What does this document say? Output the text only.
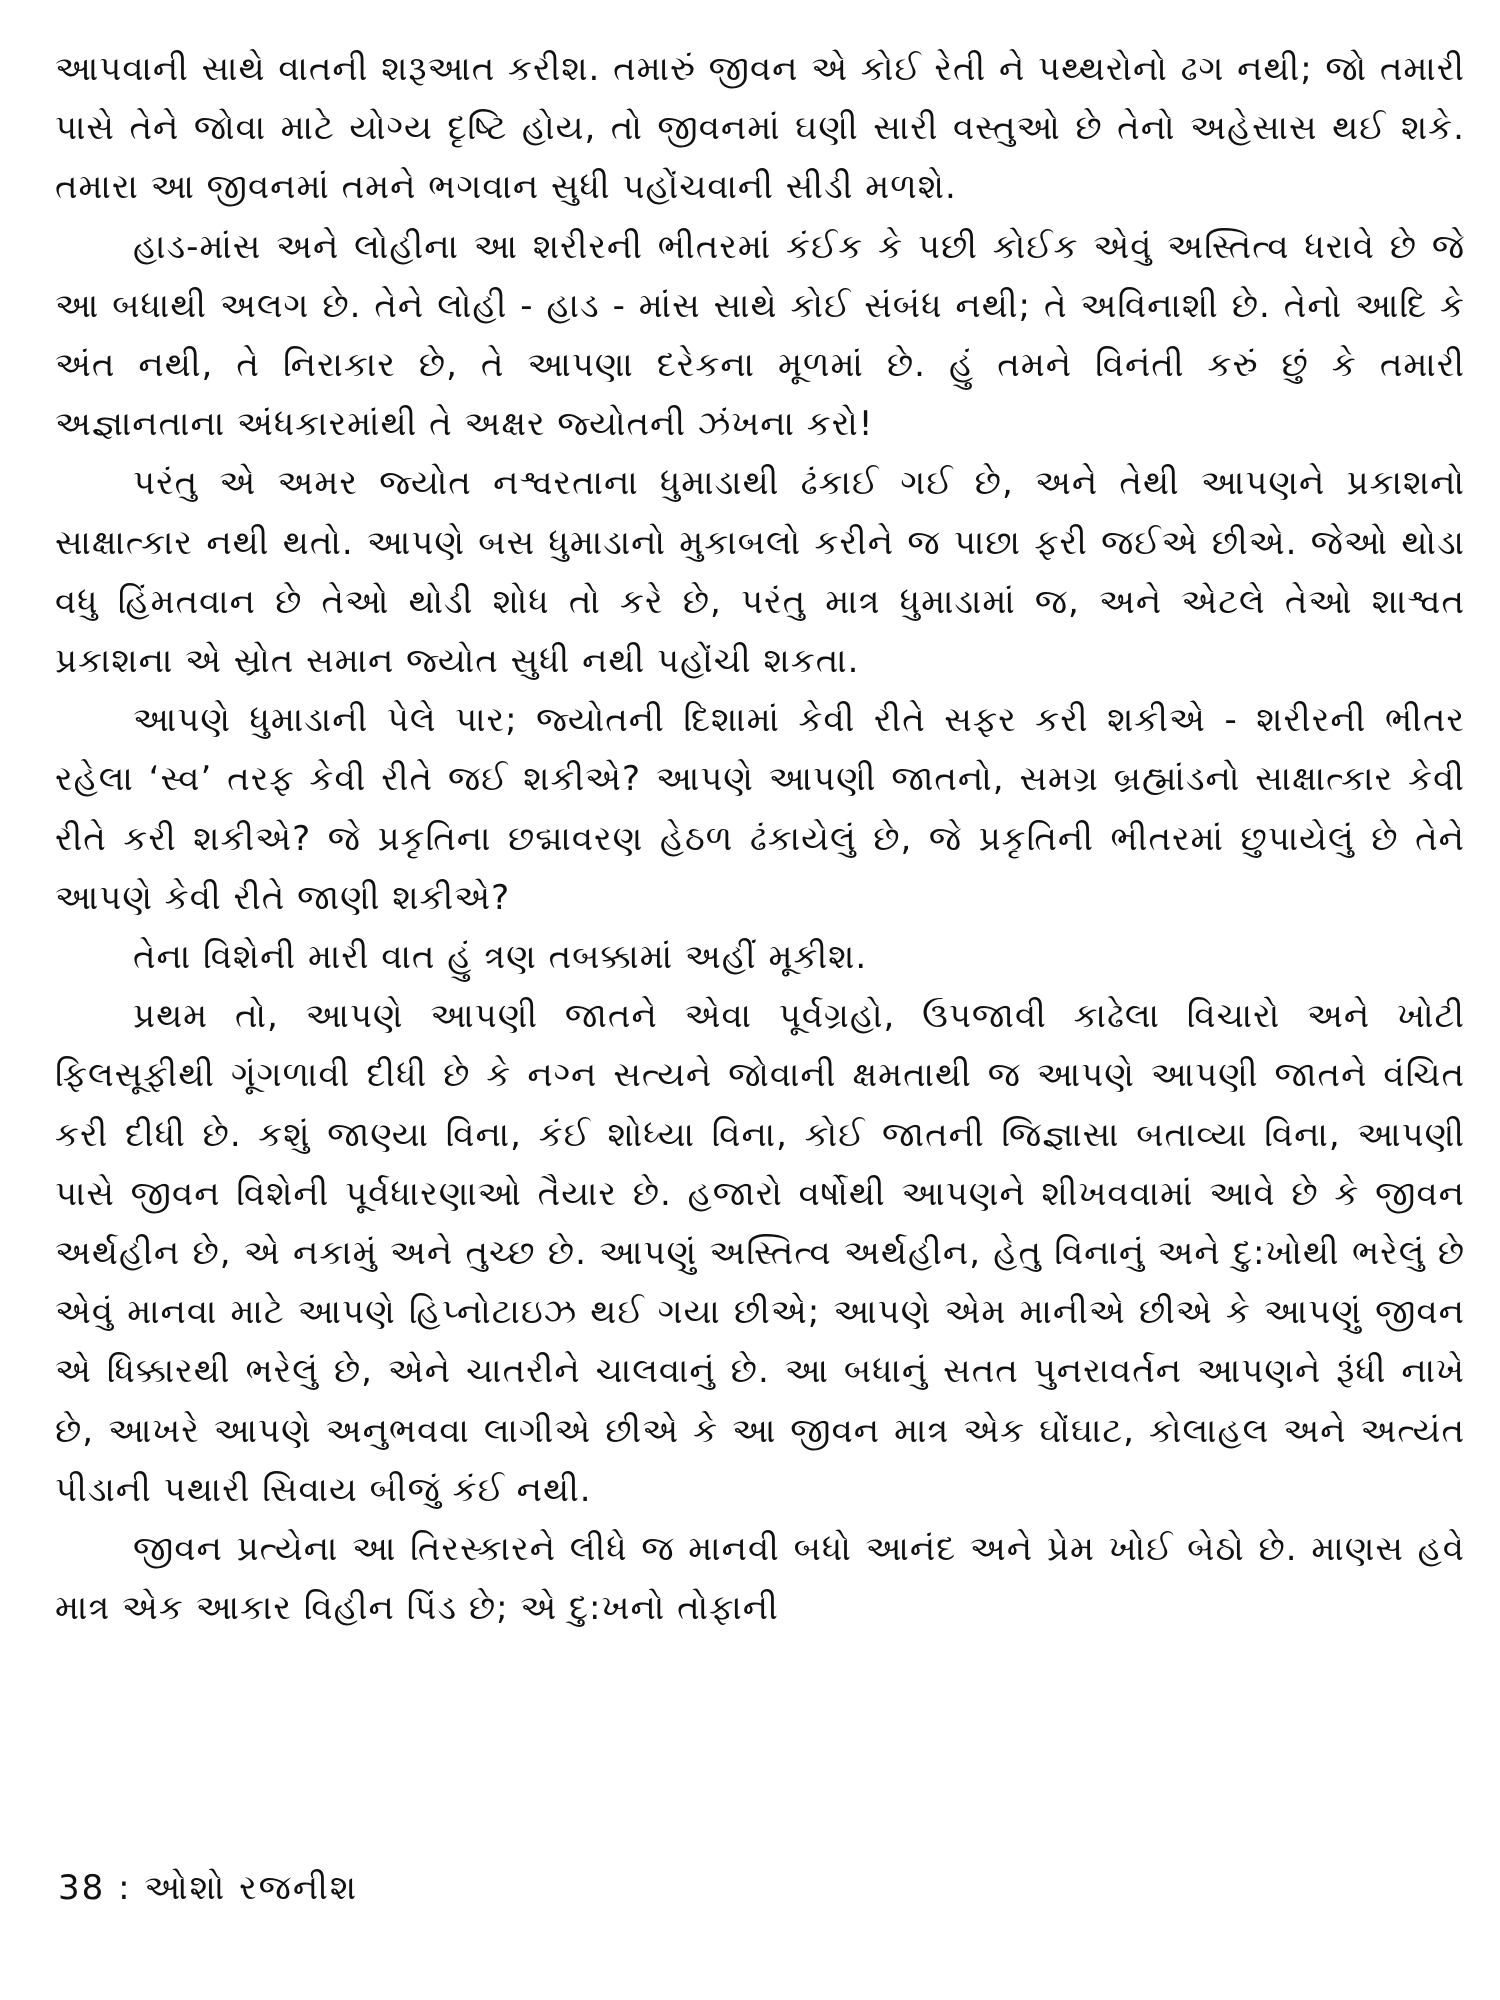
આપવાની સાથે વાતની શરૂઆત કરીશ. તમારું જીવન એ કોઈ રેતી ને પથ્થરોનો ઢગ નથી; જો તમારી પાસે તેને જોવા માટે યોગ્ય દૃષ્ટિ હોય, તો જીવનમાં ઘણી સારી વસ્તુઓ છે તેનો અહેસાસ થઈ શકે. તમારા આ જીવનમાં તમને ભગવાન સુધી પહોંચવાની સીડી મળશે.

હાડ-માંસ અને લોહીના આ શરીરની ભીતરમાં કંઈક કે પછી કોઈક એવું અસ્તિત્વ ધરાવે છે જે આ બધાથી અલગ છે. તેને લોહી - હાડ - માંસ સાથે કોઈ સંબંધ નથી; તે અવિનાશી છે. તેનો આદિ કે અંત નથી, તે નિરાકાર છે, તે આપણા દરેકના મૂળમાં છે. હું તમને વિનંતી કરું છું કે તમારી અજ્ઞાનતાના અંધકારમાંથી તે અક્ષર જ્યોતની ઝંખના કરો!

પરંતુ એ અમર જ્યોત નશ્વરતાના ધુમાડાથી ઢંકાઈ ગઈ છે, અને તેથી આપણને પ્રકાશનો સાક્ષાત્કાર નથી થતો. આપણે બસ ધુમાડાનો મુકાબલો કરીને જ પાછા ફરી જઈએ છીએ. જેઓ થોડા વધુ હિંમતવાન છે તેઓ થોડી શોધ તો કરે છે, પરંતુ માત્ર ધુમાડામાં જ, અને એટલે તેઓ શાશ્વત પ્રકાશના એ સ્રોત સમાન જ્યોત સુધી નથી પહોંચી શકતા.

આપણે ધુમાડાની પેલે પાર; જ્યોતની દિશામાં કેવી રીતે સફર કરી શકીએ - શરીરની ભીતર રહેલા ‘સ્વ’ તરફ કેવી રીતે જઈ શકીએ? આપણે આપણી જાતનો, સમગ્ર બ્રહ્માંડનો સાક્ષાત્કાર કેવી રીતે કરી શકીએ? જે પ્રકૃતિના છદ્માવરણ હેઠળ ઢંકાયેલું છે, જે પ્રકૃતિની ભીતરમાં છુપાયેલું છે તેને આપણે કેવી રીતે જાણી શકીએ?

તેના વિશેની મારી વાત હું ત્રણ તબક્કામાં અહીં મૂકીશ.

પ્રથમ તો, આપણે આપણી જાતને એવા પૂર્વગ્રહો, ઉપજાવી કાઢેલા વિચારો અને ખોટી ફિલસૂફીથી ગૂંગળાવી દીધી છે કે નગ્ન સત્યને જોવાની ક્ષમતાથી જ આપણે આપણી જાતને વંચિત કરી દીધી છે. કશું જાણ્યા વિના, કંઈ શોધ્યા વિના, કોઈ જાતની જિજ્ઞાસા બતાવ્યા વિના, આપણી પાસે જીવન વિશેની પૂર્વધારણાઓ તૈયાર છે. હજારો વર્ષોથી આપણને શીખવવામાં આવે છે કે જીવન અર્થહીન છે, એ નકામું અને તુચ્છ છે. આપણું અસ્તિત્વ અર્થહીન, હેતુ વિનાનું અને દુ:ખોથી ભરેલું છે એવું માનવા માટે આપણે હિપ્નોટાઇઝ થઈ ગયા છીએ; આપણે એમ માનીએ છીએ કે આપણું જીવન એ ધિક્કારથી ભરેલું છે, એને ચાતરીને ચાલવાનું છે. આ બધાનું સતત પુનરાવર્તન આપણને રૂંધી નાખે છે, આખરે આપણે અનુભવવા લાગીએ છીએ કે આ જીવન માત્ર એક ઘોંઘાટ, કોલાહલ અને અત્યંત પીડાની પથારી સિવાય બીજું કંઈ નથી.

જીવન પ્રત્યેના આ તિરસ્કારને લીધે જ માનવી બધો આનંદ અને પ્રેમ ખોઈ બેઠો છે. માણસ હવે માત્ર એક આકાર વિહીન પિંડ છે; એ દુ:ખનો તોફાની

38 : ઓશો રજનીશ
